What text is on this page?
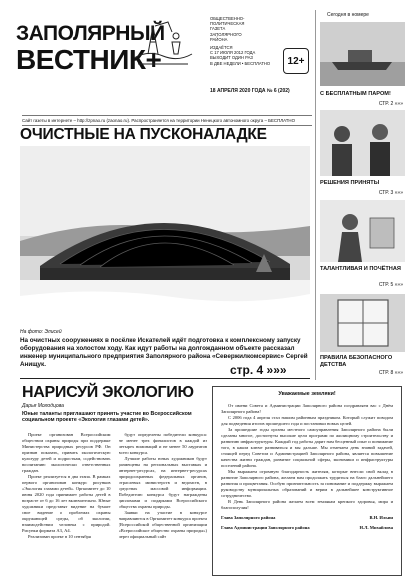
ЗАПОЛЯРНЫЙ
ВЕСТНИК+
ОБЩЕСТВЕННО-
ПОЛИТИЧЕСКАЯ
ГАЗЕТА
ЗАПОЛЯРНОГО
РАЙОНА
ИЗДАЁТСЯ
С 17 ИЮЛЯ 2012 ГОДА
ВЫХОДИТ ОДИН РАЗ
В ДВЕ НЕДЕЛИ • БЕСПЛАТНО	12+
18 АПРЕЛЯ 2020 ГОДА № 6 (202)
Сайт газеты в интернете – http://zpnao.ru (zaonao.ru). Распространяется на территории Ненецкого автономного округа – БЕСПЛАТНО
ОЧИСТНЫЕ НА ПУСКОНАЛАДКЕ
На фото: Элисей
На очистных сооружениях в посёлке Искателей идёт подготовка к комплексному запуску оборудования на холостом ходу. Как идут работы на долгожданном объекте рассказал инженер муниципального предприятия Заполярного района «Севержилкомсервис» Сергей Анищук.	стр. 4 »»»
НАРИСУЙ ЭКОЛОГИЮ
Дарья Молодцова
Юные таланты приглашают принять участие во Всероссийском социальном проекте «Экология глазами детей».

Проект организован Всероссийским обществом охраны природы при поддержке Министерства природных ресурсов РФ. Он призван показать, привить экологическую культуру детей и подросткам, содействовать воспитанию экологически ответственных граждан.

Проект реализуется в два этапа. В рамках первого организован конкурс рисунков «Экология глазами детей». Оргкомитет до 10 июня 2020 года принимает работы детей в возрасте от 6 до 16 лет включительно. Юные художники представят видение на бумаге свое видение о проблемах охраны окружающей среды, об экологии, взаимодействии человека с природой. Рисунки формата А3, А4.

Реализован проект в 10 сентября

будут определены победители конкурса: не менее трех финалистов в каждой из четырех номинаций и не менее 50 лауреатов всего конкурса.

Лучшие работы юных художников будут размещены на региональных выставках и интернет-ресурсах, на интернет-ресурсах природоохранных федеральных органов, отраслевых министерств и ведомств, в средствах массовой информации. Победителю конкурса будут награждены дипломами и подарками Всероссийского общества охраны природы.

Заявки на участие в конкурсе направляются в Оргкомитет конкурса проекта (Всероссийской общественной организации «Всероссийское общество охраны природы») через официальный сайт

Уважаемые земляки!

От имени Совета и Администрации Заполярного района поздравляем вас с Днём Заполярного района!

С 2006 года 4 апреля стал нашим районным праздником. Который служит поводом для подведения итогов прошедшего года и постановки новых целей.

За прошедшие годы органы местного самоуправления Заполярного района были сделаны многое, достигнуты высокие цели программ по жилищному строительству и развитию инфраструктуры. Каждый год работы дарит нам бесценный опыт и понимание того, в каком ключе развиваться и мы дальше. Мы отмечаем день знаний задачей, стоящей перед Советом и Администрацией Заполярного района, является повышение качества жизни граждан, развитие социальной сферы, экономики и инфраструктуры поселений района.

Мы выражаем огромную благодарность жителям, которые внесли свой вклад в развитие Заполярного района, желаем вам продолжать трудиться на благо дальнейшего развития и процветания. Особую признательность за понимание и поддержку выражаем руководству муниципальных образований и верим в дальнейшее конструктивное сотрудничество.

В День Заполярного района желаем всем землякам крепкого здоровья, мира и благополучия!

Глава Заполярного района	В.Н. Ильин
Глава Администрации Заполярного района	Н.Л. Михайлова
Сегодня в номере
С БЕСПЛАТНЫМ ПАРОМ!
СТР. 2 »»»
РЕШЕНИЯ ПРИНЯТЫ
СТР. 3 »»»
ТАЛАНТЛИВАЯ И ПОЧЁТНАЯ
СТР. 5 »»»
ПРАВИЛА БЕЗОПАСНОГО ДЕТСТВА
СТР. 8 »»»
